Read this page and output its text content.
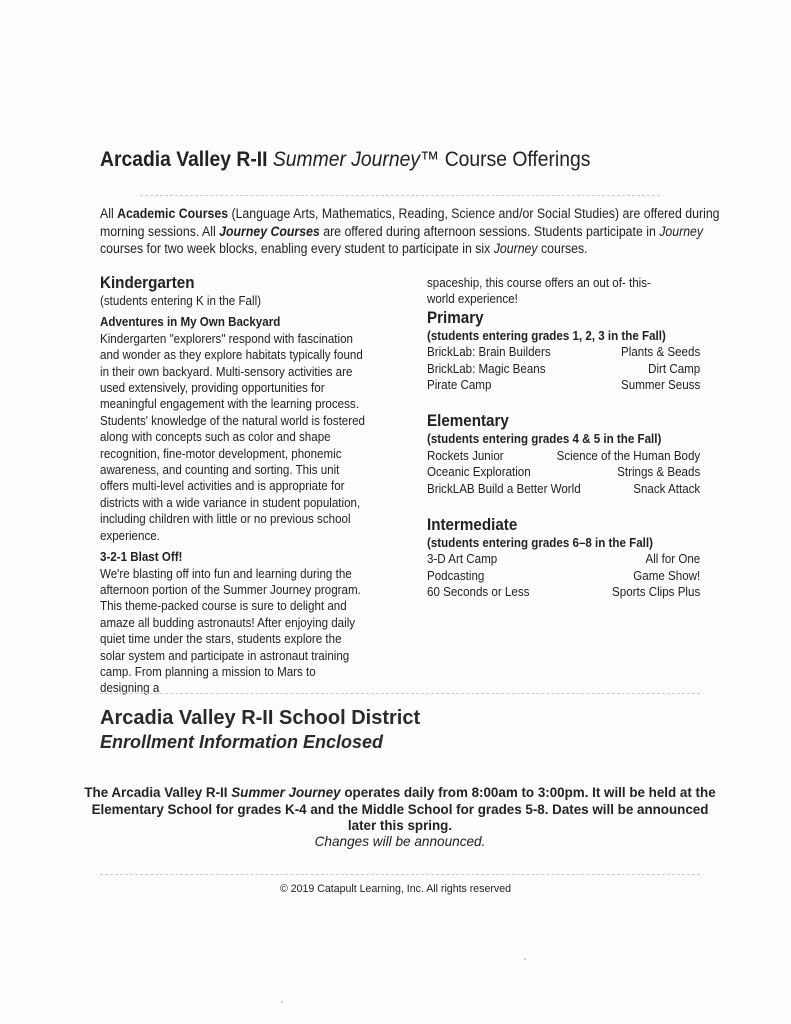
Arcadia Valley R-II Summer Journey™ Course Offerings
All Academic Courses (Language Arts, Mathematics, Reading, Science and/or Social Studies) are offered during morning sessions. All Journey Courses are offered during afternoon sessions. Students participate in Journey courses for two week blocks, enabling every student to participate in six Journey courses.
Kindergarten
(students entering K in the Fall)
Adventures in My Own Backyard

Kindergarten "explorers" respond with fascination and wonder as they explore habitats typically found in their own backyard. Multi-sensory activities are used extensively, providing opportunities for meaningful engagement with the learning process. Students' knowledge of the natural world is fostered along with concepts such as color and shape recognition, fine-motor development, phonemic awareness, and counting and sorting. This unit offers multi-level activities and is appropriate for districts with a wide variance in student population, including children with little or no previous school experience.

3-2-1 Blast Off!

We're blasting off into fun and learning during the afternoon portion of the Summer Journey program. This theme-packed course is sure to delight and amaze all budding astronauts! After enjoying daily quiet time under the stars, students explore the solar system and participate in astronaut training camp. From planning a mission to Mars to designing a

spaceship, this course offers an out of- this-world experience!

Primary
(students entering grades 1, 2, 3 in the Fall)
BrickLab: Brain Builders	Plants & Seeds
BrickLab: Magic Beans	Dirt Camp
Pirate Camp	Summer Seuss
Elementary
(students entering grades 4 & 5 in the Fall)
Rockets Junior	Science of the Human Body
Oceanic Exploration	Strings & Beads
BrickLAB Build a Better World	Snack Attack
Intermediate
(students entering grades 6–8 in the Fall)
3-D Art Camp	All for One
Podcasting	Game Show!
60 Seconds or Less	Sports Clips Plus
Arcadia Valley R-II School District
Enrollment Information Enclosed
The Arcadia Valley R-II Summer Journey operates daily from 8:00am to 3:00pm. It will be held at the Elementary School for grades K-4 and the Middle School for grades 5-8. Dates will be announced later this spring.
Changes will be announced.
© 2019 Catapult Learning, Inc. All rights reserved
